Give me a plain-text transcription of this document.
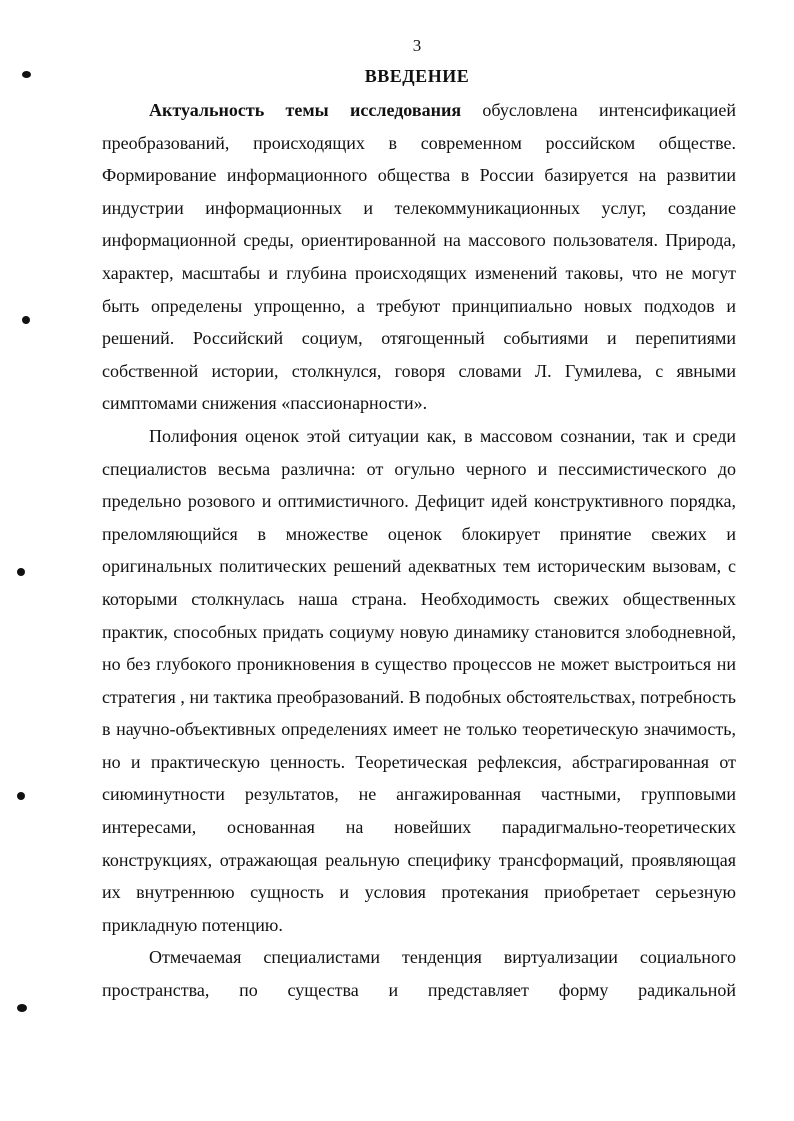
3
ВВЕДЕНИЕ

Актуальность темы исследования обусловлена интенсификацией преобразований, происходящих в современном российском обществе. Формирование информационного общества в России базируется на развитии индустрии информационных и телекоммуникационных услуг, создание информационной среды, ориентированной на массового пользователя. Природа, характер, масштабы и глубина происходящих изменений таковы, что не могут быть определены упрощенно, а требуют принципиально новых подходов и решений. Российский социум, отягощенный событиями и перепитиями собственной истории, столкнулся, говоря словами Л. Гумилева, с явными симптомами снижения «пассионарности».

Полифония оценок этой ситуации как, в массовом сознании, так и среди специалистов весьма различна: от огульно черного и пессимистического до предельно розового и оптимистичного. Дефицит идей конструктивного порядка, преломляющийся в множестве оценок блокирует принятие свежих и оригинальных политических решений адекватных тем историческим вызовам, с которыми столкнулась наша страна. Необходимость свежих общественных практик, способных придать социуму новую динамику становится злободневной, но без глубокого проникновения в существо процессов не может выстроиться ни стратегия , ни тактика преобразований. В подобных обстоятельствах, потребность в научно-объективных определениях имеет не только теоретическую значимость, но и практическую ценность. Теоретическая рефлексия, абстрагированная от сиюминутности результатов, не ангажированная частными, групповыми интересами, основанная на новейших парадигмально-теоретических конструкциях, отражающая реальную специфику трансформаций, проявляющая их внутреннюю сущность и условия протекания приобретает серьезную прикладную потенцию.

Отмечаемая специалистами тенденция виртуализации социального пространства, по существа и представляет форму радикальной
